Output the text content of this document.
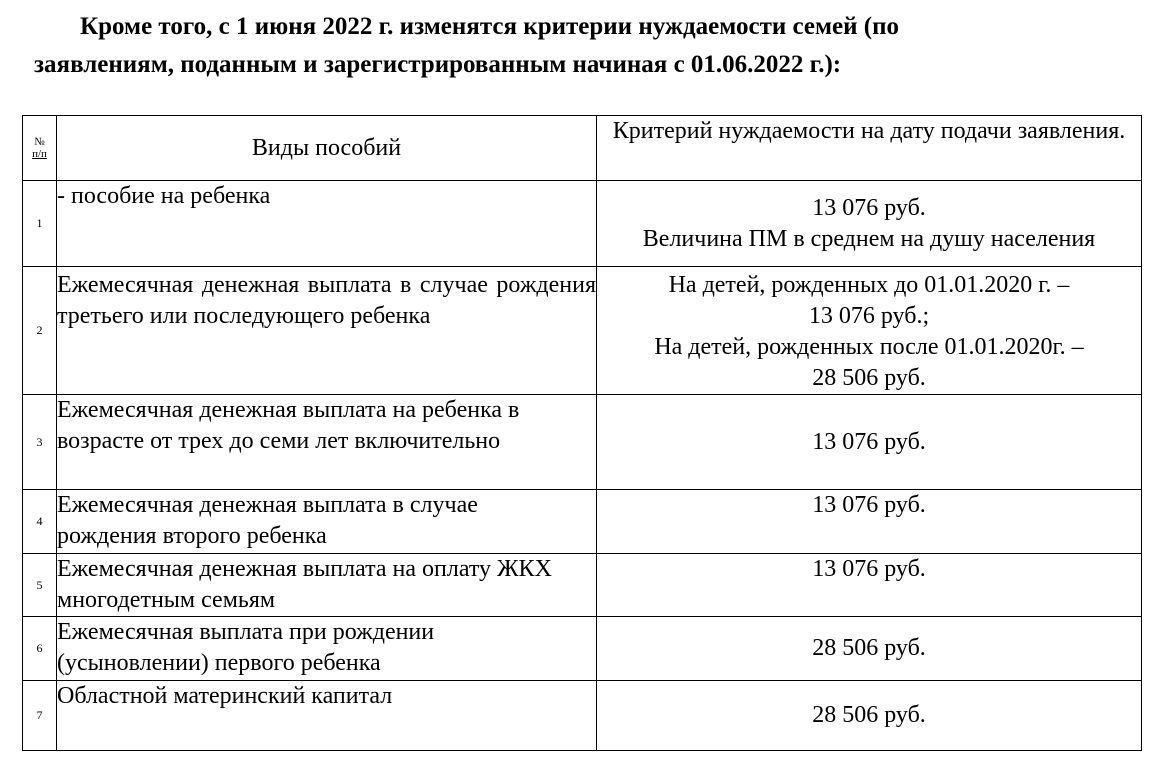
Кроме того, с 1 июня 2022 г. изменятся критерии нуждаемости семей (по
заявлениям, поданным и зарегистрированным начиная с 01.06.2022 г.):
№
п/п	Виды пособий	Критерий нуждаемости на дату подачи заявления.
1	- пособие на ребенка	13 076 руб.
Величина ПМ в среднем на душу населения

2	Ежемесячная денежная выплата в случае рождения третьего или последующего ребенка	На детей, рожденных до 01.01.2020 г. –
13 076 руб.;
На детей, рожденных после 01.01.2020г. –
28 506 руб.

3	Ежемесячная денежная выплата на ребенка в возрасте от трех до семи лет включительно	13 076 руб.

4	Ежемесячная денежная выплата в случае рождения второго ребенка	13 076 руб.

5	Ежемесячная денежная выплата на оплату ЖКХ многодетным семьям	13 076 руб.

6	Ежемесячная выплата при рождении (усыновлении) первого ребенка	28 506 руб.

7	Областной материнский капитал	28 506 руб.
